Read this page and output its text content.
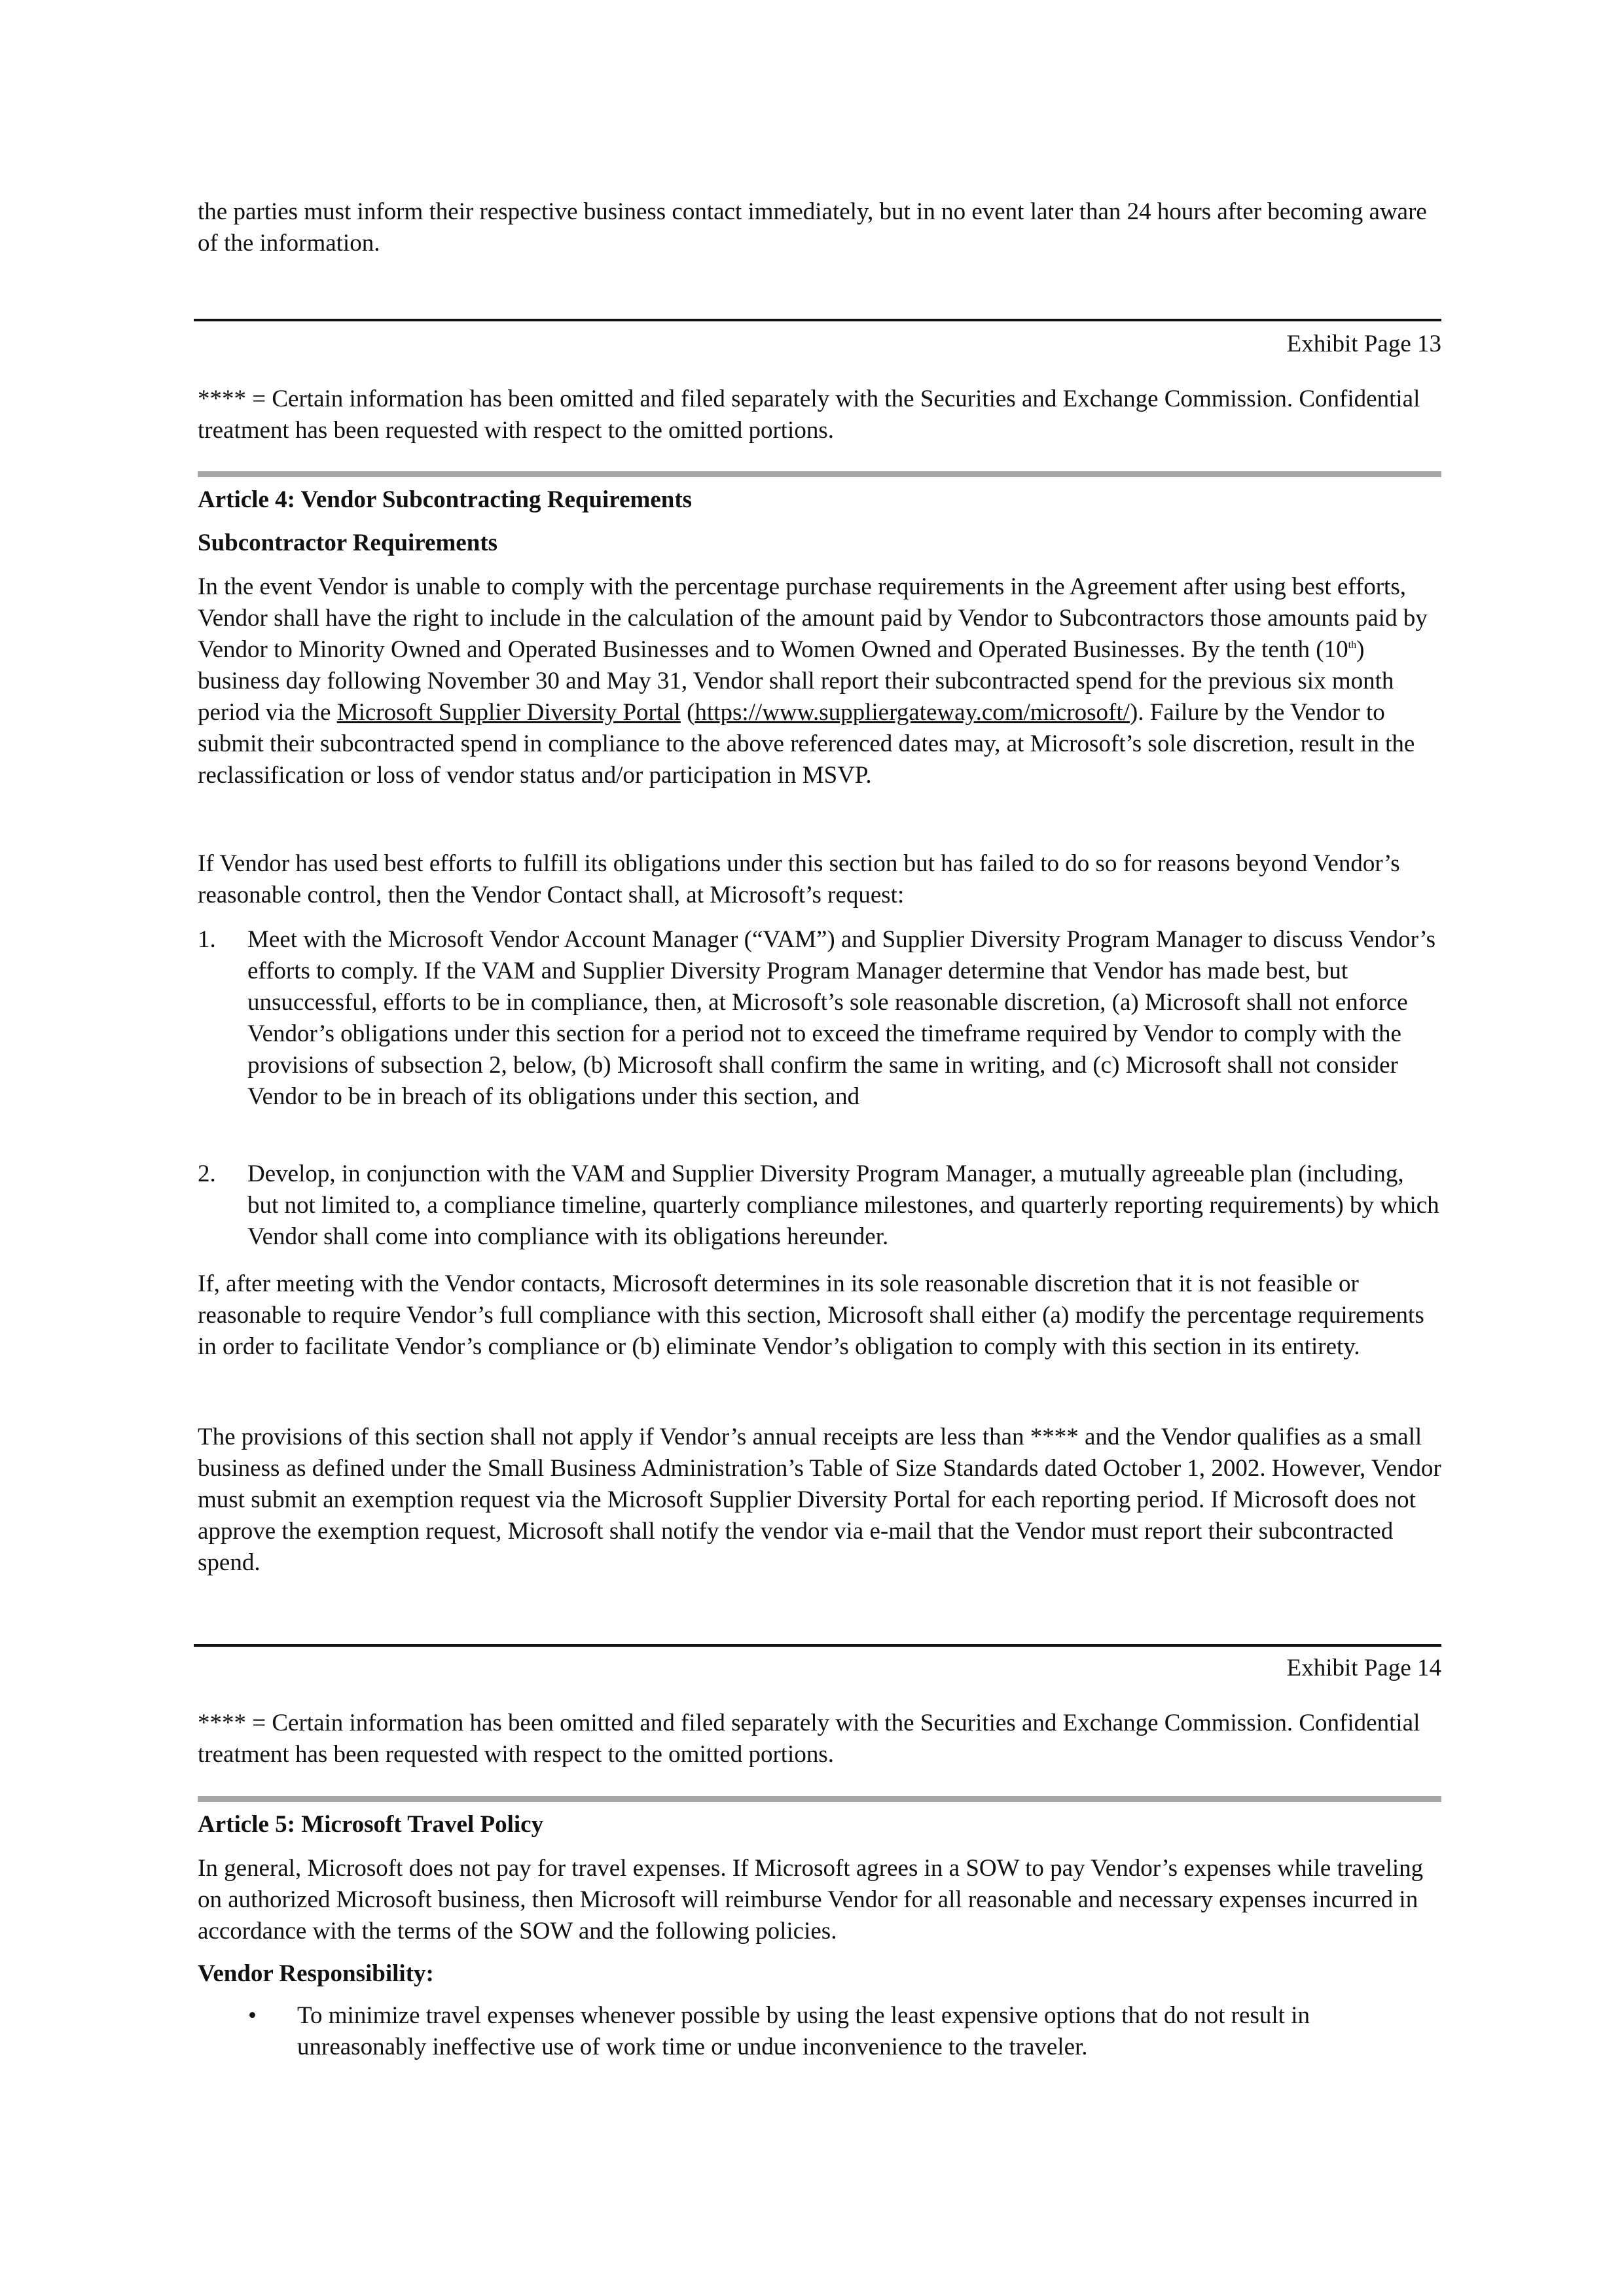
the parties must inform their respective business contact immediately, but in no event later than 24 hours after becoming aware of the information.

Exhibit Page 13

**** = Certain information has been omitted and filed separately with the Securities and Exchange Commission. Confidential treatment has been requested with respect to the omitted portions.

Article 4: Vendor Subcontracting Requirements

Subcontractor Requirements

In the event Vendor is unable to comply with the percentage purchase requirements in the Agreement after using best efforts, Vendor shall have the right to include in the calculation of the amount paid by Vendor to Subcontractors those amounts paid by Vendor to Minority Owned and Operated Businesses and to Women Owned and Operated Businesses. By the tenth (10th) business day following November 30 and May 31, Vendor shall report their subcontracted spend for the previous six month period via the Microsoft Supplier Diversity Portal (https://www.suppliergateway.com/microsoft/). Failure by the Vendor to submit their subcontracted spend in compliance to the above referenced dates may, at Microsoft’s sole discretion, result in the reclassification or loss of vendor status and/or participation in MSVP.

If Vendor has used best efforts to fulfill its obligations under this section but has failed to do so for reasons beyond Vendor’s reasonable control, then the Vendor Contact shall, at Microsoft’s request:

1. Meet with the Microsoft Vendor Account Manager (“VAM”) and Supplier Diversity Program Manager to discuss Vendor’s efforts to comply. If the VAM and Supplier Diversity Program Manager determine that Vendor has made best, but unsuccessful, efforts to be in compliance, then, at Microsoft’s sole reasonable discretion, (a) Microsoft shall not enforce Vendor’s obligations under this section for a period not to exceed the timeframe required by Vendor to comply with the provisions of subsection 2, below, (b) Microsoft shall confirm the same in writing, and (c) Microsoft shall not consider Vendor to be in breach of its obligations under this section, and
2. Develop, in conjunction with the VAM and Supplier Diversity Program Manager, a mutually agreeable plan (including, but not limited to, a compliance timeline, quarterly compliance milestones, and quarterly reporting requirements) by which Vendor shall come into compliance with its obligations hereunder.

If, after meeting with the Vendor contacts, Microsoft determines in its sole reasonable discretion that it is not feasible or reasonable to require Vendor’s full compliance with this section, Microsoft shall either (a) modify the percentage requirements in order to facilitate Vendor’s compliance or (b) eliminate Vendor’s obligation to comply with this section in its entirety.

The provisions of this section shall not apply if Vendor’s annual receipts are less than **** and the Vendor qualifies as a small business as defined under the Small Business Administration’s Table of Size Standards dated October 1, 2002. However, Vendor must submit an exemption request via the Microsoft Supplier Diversity Portal for each reporting period. If Microsoft does not approve the exemption request, Microsoft shall notify the vendor via e-mail that the Vendor must report their subcontracted spend.

Exhibit Page 14

**** = Certain information has been omitted and filed separately with the Securities and Exchange Commission. Confidential treatment has been requested with respect to the omitted portions.

Article 5: Microsoft Travel Policy

In general, Microsoft does not pay for travel expenses. If Microsoft agrees in a SOW to pay Vendor’s expenses while traveling on authorized Microsoft business, then Microsoft will reimburse Vendor for all reasonable and necessary expenses incurred in accordance with the terms of the SOW and the following policies.

Vendor Responsibility:

• To minimize travel expenses whenever possible by using the least expensive options that do not result in unreasonably ineffective use of work time or undue inconvenience to the traveler.
